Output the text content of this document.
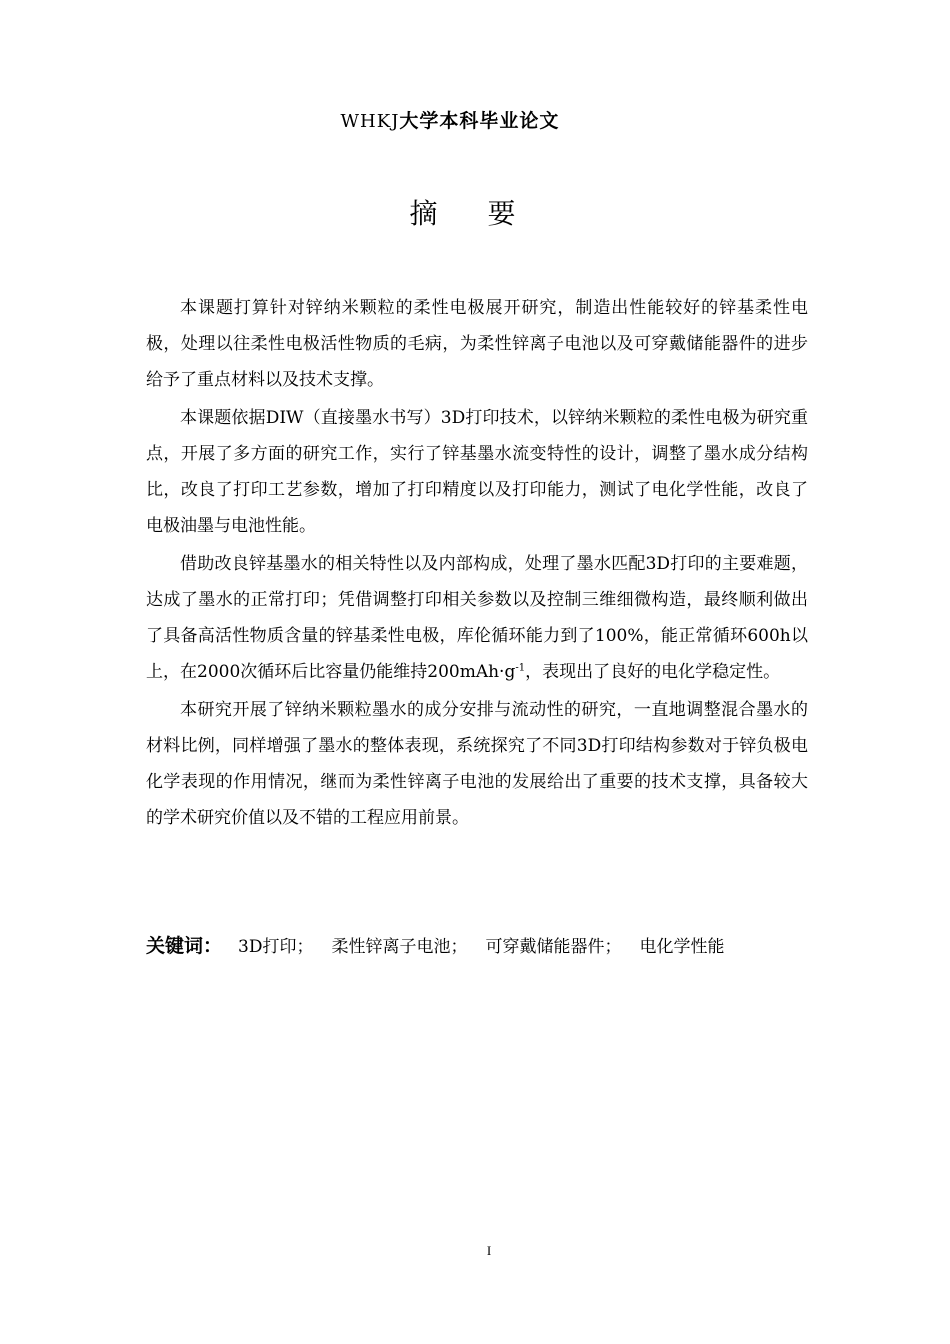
WHKJ大学本科毕业论文
摘要

本课题打算针对锌纳米颗粒的柔性电极展开研究，制造出性能较好的锌基柔性电极，处理以往柔性电极活性物质的毛病，为柔性锌离子电池以及可穿戴储能器件的进步给予了重点材料以及技术支撑。

本课题依据DIW（直接墨水书写）3D打印技术，以锌纳米颗粒的柔性电极为研究重点，开展了多方面的研究工作，实行了锌基墨水流变特性的设计，调整了墨水成分结构比，改良了打印工艺参数，增加了打印精度以及打印能力，测试了电化学性能，改良了电极油墨与电池性能。

借助改良锌基墨水的相关特性以及内部构成，处理了墨水匹配3D打印的主要难题，达成了墨水的正常打印；凭借调整打印相关参数以及控制三维细微构造，最终顺利做出了具备高活性物质含量的锌基柔性电极，库伦循环能力到了100%，能正常循环600h以上，在2000次循环后比容量仍能维持$200mAh\cdot g^{-1}$，表现出了良好的电化学稳定性。

本研究开展了锌纳米颗粒墨水的成分安排与流动性的研究，一直地调整混合墨水的材料比例，同样增强了墨水的整体表现，系统探究了不同3D打印结构参数对于锌负极电化学表现的作用情况，继而为柔性锌离子电池的发展给出了重要的技术支撑，具备较大的学术研究价值以及不错的工程应用前景。

关键词： 3D打印； 柔性锌离子电池； 可穿戴储能器件； 电化学性能
I
